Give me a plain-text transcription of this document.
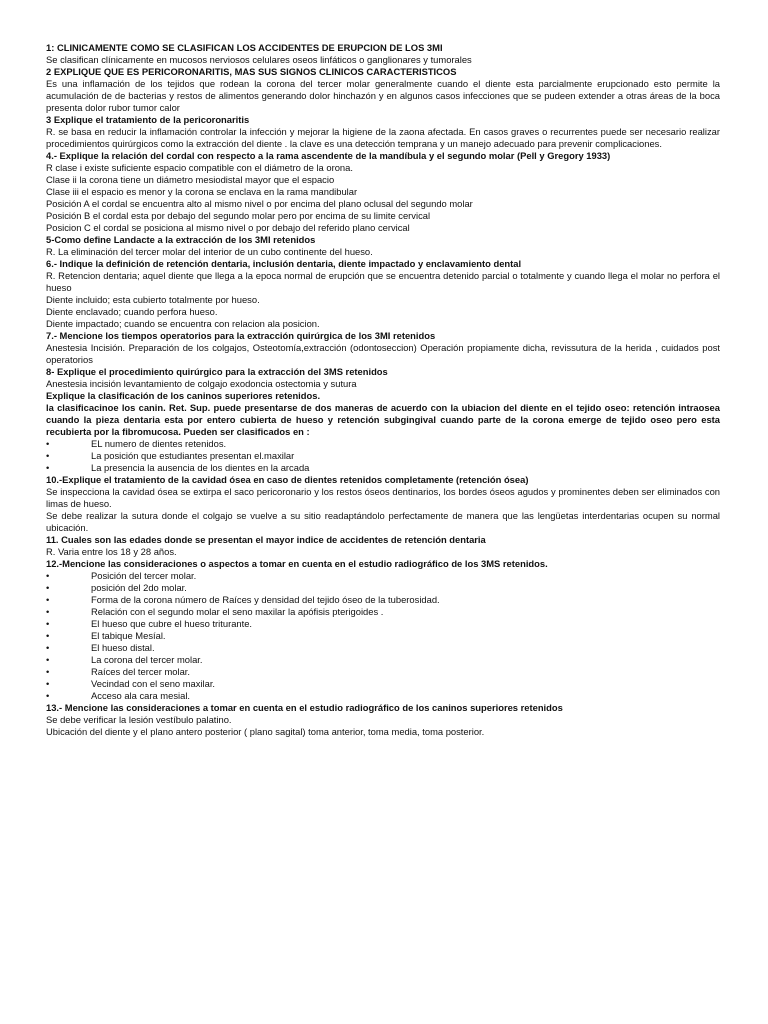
1: CLINICAMENTE COMO SE CLASIFICAN LOS ACCIDENTES DE ERUPCION DE LOS 3MI
Se clasifican clínicamente en mucosos nerviosos celulares oseos linfáticos o ganglionares y tumorales
2 EXPLIQUE QUE ES PERICORONARITIS, MAS SUS SIGNOS CLINICOS CARACTERISTICOS
Es una inflamación de los tejidos que rodean la corona del tercer molar generalmente cuando el diente esta parcialmente erupcionado esto permite la acumulación de de bacterias y restos de alimentos generando dolor hinchazón y en algunos casos infecciones que se pudeen extender a otras áreas de la boca presenta dolor rubor tumor calor
3 Explique el tratamiento de la pericoronaritis
R. se basa en reducir la inflamación controlar la infección y mejorar la higiene de la zaona afectada. En casos graves o recurrentes puede ser necesario realizar procedimientos quirúrgicos como la extracción del diente . la clave es una detección temprana y un manejo adecuado para prevenir complicaciones.
4.- Explique la relación del cordal con respecto a la rama ascendente de la mandíbula y el segundo molar (Pell y Gregory 1933)
R clase i existe suficiente espacio compatible con el diámetro de la orona.
Clase ii la corona tiene un diámetro mesiodistal mayor que el espacio
Clase iii el espacio es menor y la corona se enclava en la rama mandibular
Posición A el cordal se encuentra alto al mismo nivel o por encima del plano oclusal del segundo molar
Posición B el cordal esta por debajo del segundo molar pero por encima de su limite cervical
Posicion C el cordal se posiciona al mismo nivel o por debajo del referido plano cervical
5-Como define Landacte a la extracción de los 3MI retenidos
R. La eliminación del tercer molar del interior de un cubo continente del hueso.
6.- Indique la definición de retención dentaria, inclusión dentaria, diente impactado y enclavamiento dental
R. Retencion dentaria; aquel diente que llega a la epoca normal de erupción que se encuentra detenido parcial o totalmente y cuando llega el molar no perfora el hueso
Diente incluido; esta cubierto totalmente por hueso.
Diente enclavado; cuando perfora hueso.
Diente impactado; cuando se encuentra con relacion ala posicion.
7.- Mencione los tiempos operatorios para la extracción quirúrgica de los 3MI retenidos
Anestesia Incisión. Preparación de los colgajos, Osteotomía,extracción (odontoseccion) Operación propiamente dicha, revissutura de la herida , cuidados post operatorios
8- Explique el procedimiento quirúrgico para la extracción del 3MS retenidos
Anestesia incisión levantamiento de colgajo exodoncia ostectomia y sutura
Explique la clasificación de los caninos superiores retenidos.
la clasificacinoe los canin. Ret. Sup. puede presentarse de dos maneras de acuerdo con la ubiacion del diente en el tejido oseo: retención intraosea cuando la pieza dentaria esta por entero cubierta de hueso y retención subgingival cuando parte de la corona emerge de tejido oseo pero esta recubierta por la fibromucosa. Pueden ser clasificados en :
•	EL numero de dientes retenidos.
•	La posición que estudiantes presentan el.maxilar
•	La presencia la ausencia de los dientes en la arcada
10.-Explique el tratamiento de la cavidad ósea en caso de dientes retenidos completamente (retención ósea)
Se inspecciona la cavidad ósea se extirpa el saco pericoronario y los restos óseos dentinarios, los bordes óseos agudos y prominentes deben ser eliminados con limas de hueso.
Se debe realizar la sutura donde el colgajo se vuelve a su sitio readaptándolo perfectamente de manera que las lengüetas interdentarias ocupen su normal ubicación.
11. Cuales son las edades donde se presentan el mayor indice de accidentes de retención dentaria
R. Varia entre los 18 y 28 años.
12.-Mencione las consideraciones o aspectos a tomar en cuenta en el estudio radiográfico de los 3MS retenidos.
•	Posición del tercer molar.
•	posición del 2do molar.
•	Forma de la corona número de Raíces y densidad del tejido óseo de la tuberosidad.
•	Relación con el segundo molar el seno maxilar la apófisis pterigoides .
•	El hueso que cubre el hueso triturante.
•	El tabique Mesíal.
•	El hueso distal.
•	La corona del tercer molar.
•	Raíces del tercer molar.
•	Vecindad con el seno maxilar.
•	Acceso ala cara mesial.
13.- Mencione las consideraciones a tomar en cuenta en el estudio radiográfico de los caninos superiores retenidos
Se debe verificar la lesión vestíbulo palatino.
Ubicación del diente y el plano antero posterior ( plano sagital) toma anterior, toma media, toma posterior.
